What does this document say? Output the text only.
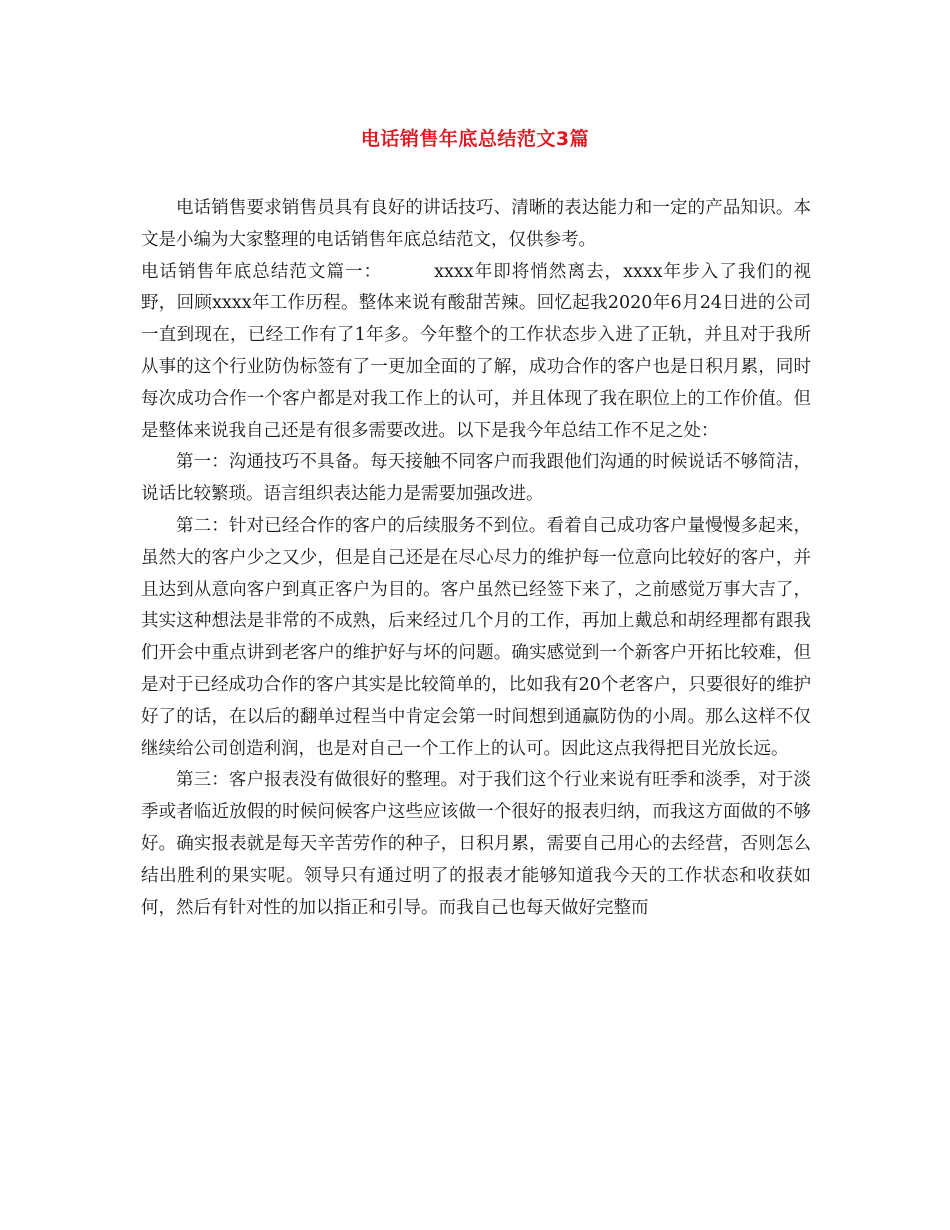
电话销售年底总结范文3篇

电话销售要求销售员具有良好的讲话技巧、清晰的表达能力和一定的产品知识。本文是小编为大家整理的电话销售年底总结范文，仅供参考。

电话销售年底总结范文篇一：	xxxx年即将悄然离去，xxxx年步入了我们的视野，回顾xxxx年工作历程。整体来说有酸甜苦辣。回忆起我2020年6月24日进的公司一直到现在，已经工作有了1年多。今年整个的工作状态步入进了正轨，并且对于我所从事的这个行业防伪标签有了一更加全面的了解，成功合作的客户也是日积月累，同时每次成功合作一个客户都是对我工作上的认可，并且体现了我在职位上的工作价值。但是整体来说我自己还是有很多需要改进。以下是我今年总结工作不足之处：

第一：沟通技巧不具备。每天接触不同客户而我跟他们沟通的时候说话不够简洁，说话比较繁琐。语言组织表达能力是需要加强改进。

第二：针对已经合作的客户的后续服务不到位。看着自己成功客户量慢慢多起来，虽然大的客户少之又少，但是自己还是在尽心尽力的维护每一位意向比较好的客户，并且达到从意向客户到真正客户为目的。客户虽然已经签下来了，之前感觉万事大吉了，其实这种想法是非常的不成熟，后来经过几个月的工作，再加上戴总和胡经理都有跟我们开会中重点讲到老客户的维护好与坏的问题。确实感觉到一个新客户开拓比较难，但是对于已经成功合作的客户其实是比较简单的，比如我有20个老客户，只要很好的维护好了的话，在以后的翻单过程当中肯定会第一时间想到通赢防伪的小周。那么这样不仅继续给公司创造利润，也是对自己一个工作上的认可。因此这点我得把目光放长远。

第三：客户报表没有做很好的整理。对于我们这个行业来说有旺季和淡季，对于淡季或者临近放假的时候问候客户这些应该做一个很好的报表归纳，而我这方面做的不够好。确实报表就是每天辛苦劳作的种子，日积月累，需要自己用心的去经营，否则怎么结出胜利的果实呢。领导只有通过明了的报表才能够知道我今天的工作状态和收获如何，然后有针对性的加以指正和引导。而我自己也每天做好完整而
